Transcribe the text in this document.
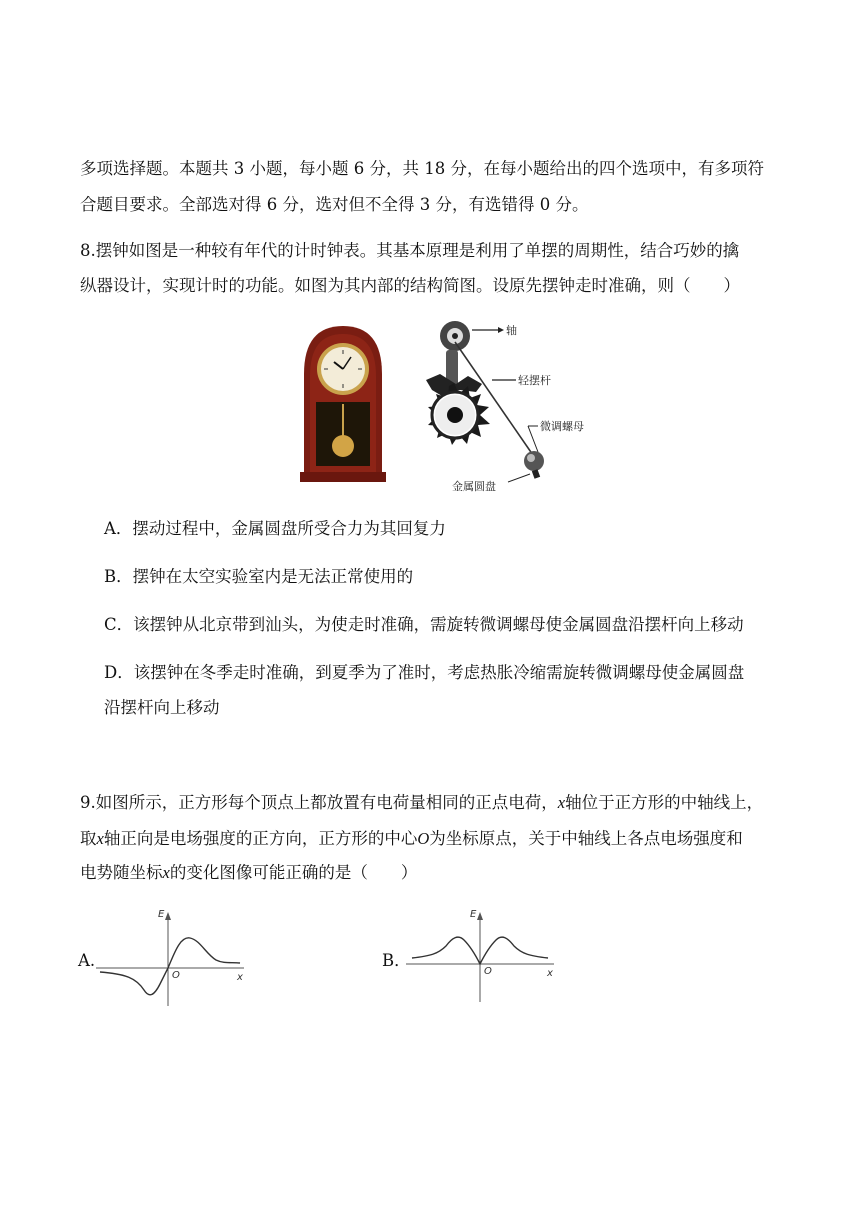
多项选择题。本题共 3 小题，每小题 6 分，共 18 分，在每小题给出的四个选项中，有多项符
合题目要求。全部选对得 6 分，选对但不全得 3 分，有选错得 0 分。
8.摆钟如图是一种较有年代的计时钟表。其基本原理是利用了单摆的周期性，结合巧妙的擒
纵器设计，实现计时的功能。如图为其内部的结构简图。设原先摆钟走时准确，则（　　）
轴
轻摆杆
微调螺母
金属圆盘
A．摆动过程中，金属圆盘所受合力为其回复力
B．摆钟在太空实验室内是无法正常使用的
C．该摆钟从北京带到汕头，为使走时准确，需旋转微调螺母使金属圆盘沿摆杆向上移动
D．该摆钟在冬季走时准确，到夏季为了准时，考虑热胀冷缩需旋转微调螺母使金属圆盘
沿摆杆向上移动
9.如图所示，正方形每个顶点上都放置有电荷量相同的正点电荷，x轴位于正方形的中轴线上，
取x轴正向是电场强度的正方向，正方形的中心O为坐标原点，关于中轴线上各点电场强度和
电势随坐标x的变化图像可能正确的是（　　）
A.
E
O	x
B．
E
O	x
